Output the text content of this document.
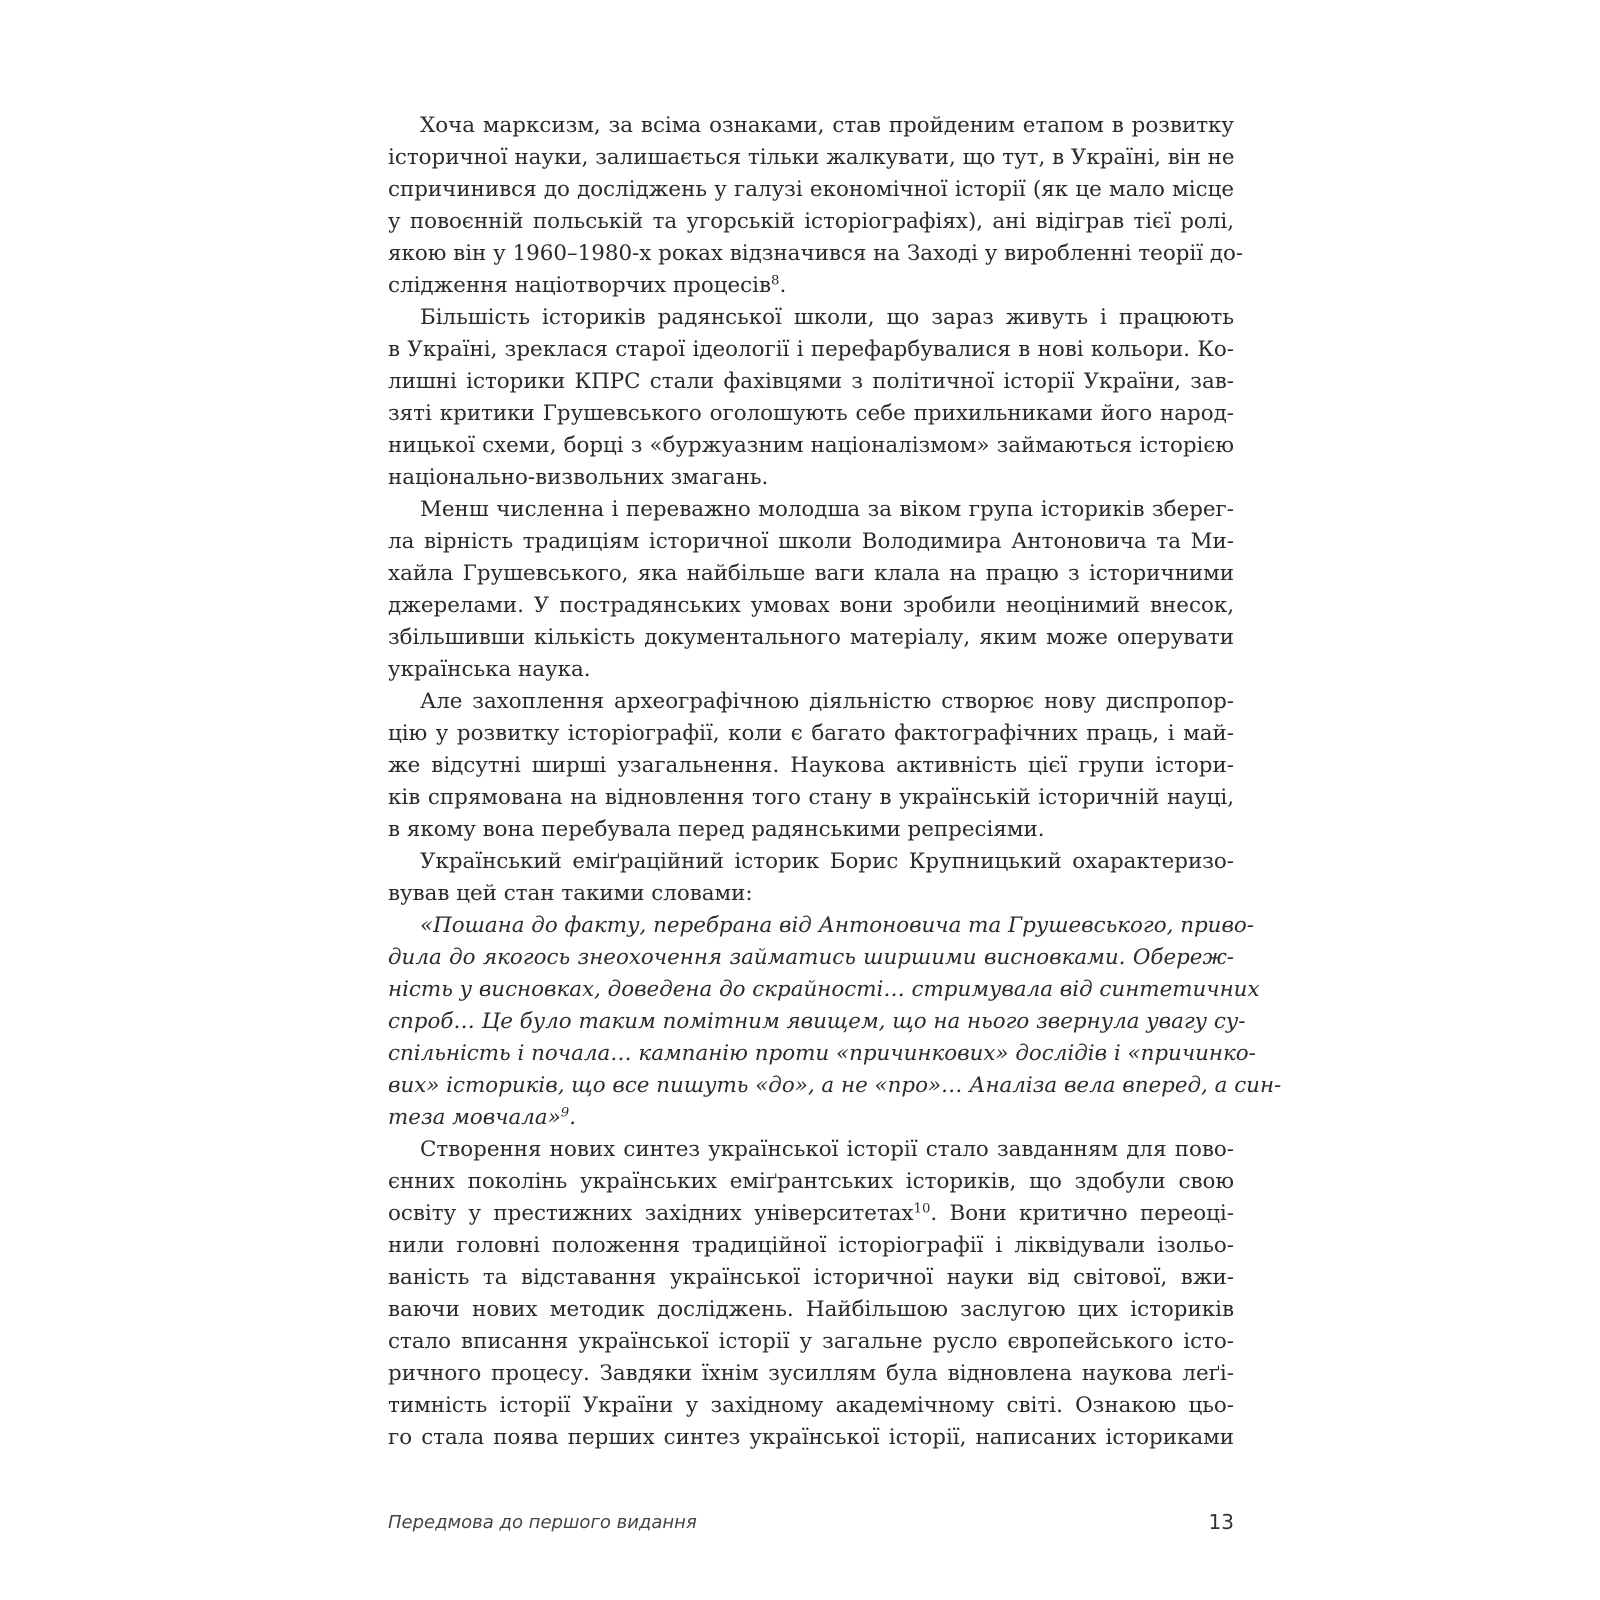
Хоча марксизм, за всіма ознаками, став пройденим етапом в розвитку
історичної науки, залишається тільки жалкувати, що тут, в Україні, він не
спричинився до досліджень у галузі економічної історії (як це мало місце
у повоєнній польській та угорській історіографіях), ані відіграв тієї ролі,
якою він у 1960–1980-х роках відзначився на Заході у виробленні теорії до-
слідження націотворчих процесів$^8$.
Більшість істориків радянської школи, що зараз живуть і працюють
в Україні, зреклася старої ідеології і перефарбувалися в нові кольори. Ко-
лишні історики КПРС стали фахівцями з політичної історії України, зав-
зяті критики Грушевського оголошують себе прихильниками його народ-
ницької схеми, борці з «буржуазним націоналізмом» займаються історією
національно-визвольних змагань.
Менш численна і переважно молодша за віком група істориків зберег-
ла вірність традиціям історичної школи Володимира Антоновича та Ми-
хайла Грушевського, яка найбільше ваги клала на працю з історичними
джерелами. У пострадянських умовах вони зробили неоцінимий внесок,
збільшивши кількість документального матеріалу, яким може оперувати
українська наука.
Але захоплення археографічною діяльністю створює нову диспропор-
цію у розвитку історіографії, коли є багато фактографічних праць, і май-
же відсутні ширші узагальнення. Наукова активність цієї групи істори-
ків спрямована на відновлення того стану в українській історичній науці,
в якому вона перебувала перед радянськими репресіями.
Український еміґраційний історик Борис Крупницький охарактеризо-
вував цей стан такими словами:
«Пошана до факту, перебрана від Антоновича та Грушевського, приво-
дила до якогось знеохочення займатись ширшими висновками. Обереж-
ність у висновках, доведена до скрайності… стримувала від синтетичних
спроб… Це було таким помітним явищем, що на нього звернула увагу су-
спільність і почала… кампанію проти «причинкових» дослідів і «причинко-
вих» істориків, що все пишуть «до», а не «про»… Аналіза вела вперед, а син-
теза мовчала»$^9$.
Створення нових синтез української історії стало завданням для пово-
єнних поколінь українських еміґрантських істориків, що здобули свою
освіту у престижних західних університетах$^{10}$. Вони критично переоці-
нили головні положення традиційної історіографії і ліквідували ізольо-
ваність та відставання української історичної науки від світової, вжи-
ваючи нових методик досліджень. Найбільшою заслугою цих істориків
стало вписання української історії у загальне русло європейського істо-
ричного процесу. Завдяки їхнім зусиллям була відновлена наукова леґі-
тимність історії України у західному академічному світі. Ознакою цьо-
го стала поява перших синтез української історії, написаних істориками
Передмова до першого видання	13
